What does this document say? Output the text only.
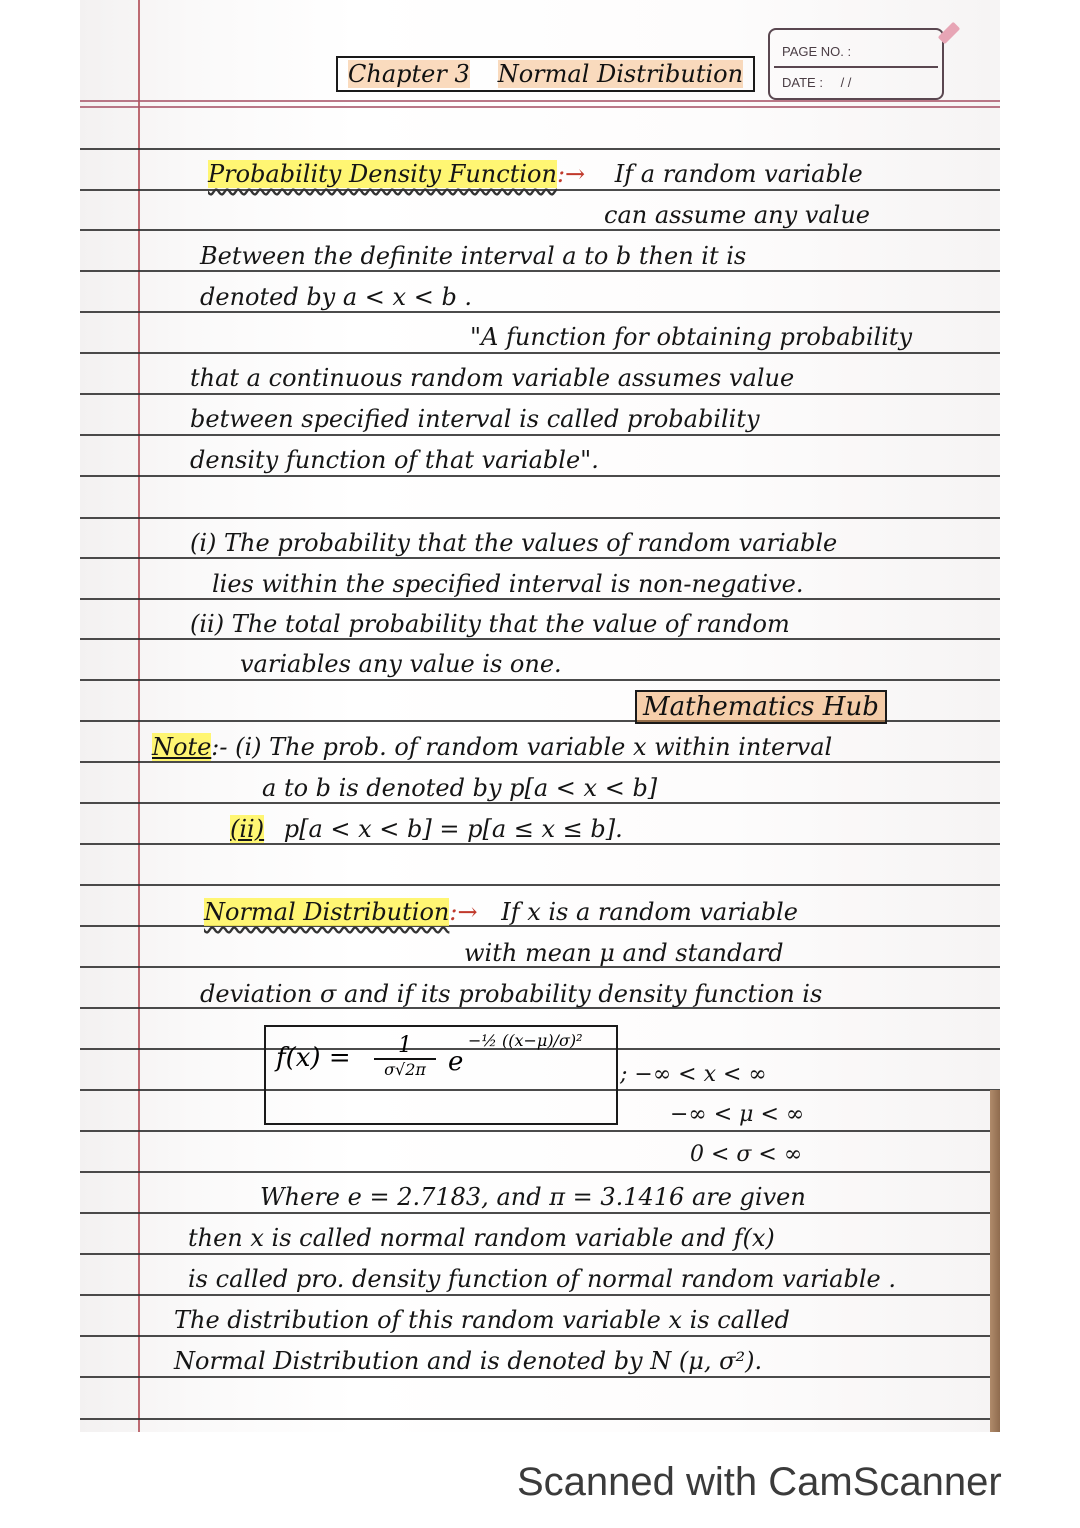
PAGE NO. :
DATE : / /
Chapter 3 Normal Distribution
Probability Density Function:→ If a random variable
can assume any value
Between the definite interval a to b then it is
denoted by a < x < b .
"A function for obtaining probability
that a continuous random variable assumes value
between specified interval is called probability
density function of that variable".
(i) The probability that the values of random variable
lies within the specified interval is non-negative.
(ii) The total probability that the value of random
variables any value is one.
Mathematics Hub
Note:- (i) The prob. of random variable x within interval
a to b is denoted by p[a < x < b]
(ii) p[a < x < b] = p[a ≤ x ≤ b].
Normal Distribution:→ If x is a random variable
with mean μ and standard
deviation σ and if its probability density function is
f(x) =	1
σ√2π e
−½ ((x−μ)/σ)²
; −∞ < x < ∞
−∞ < μ < ∞
0 < σ < ∞
Where e = 2.7183, and π = 3.1416 are given
then x is called normal random variable and f(x)
is called pro. density function of normal random variable .
The distribution of this random variable x is called
Normal Distribution and is denoted by N (μ, σ²).
Scanned with CamScanner
